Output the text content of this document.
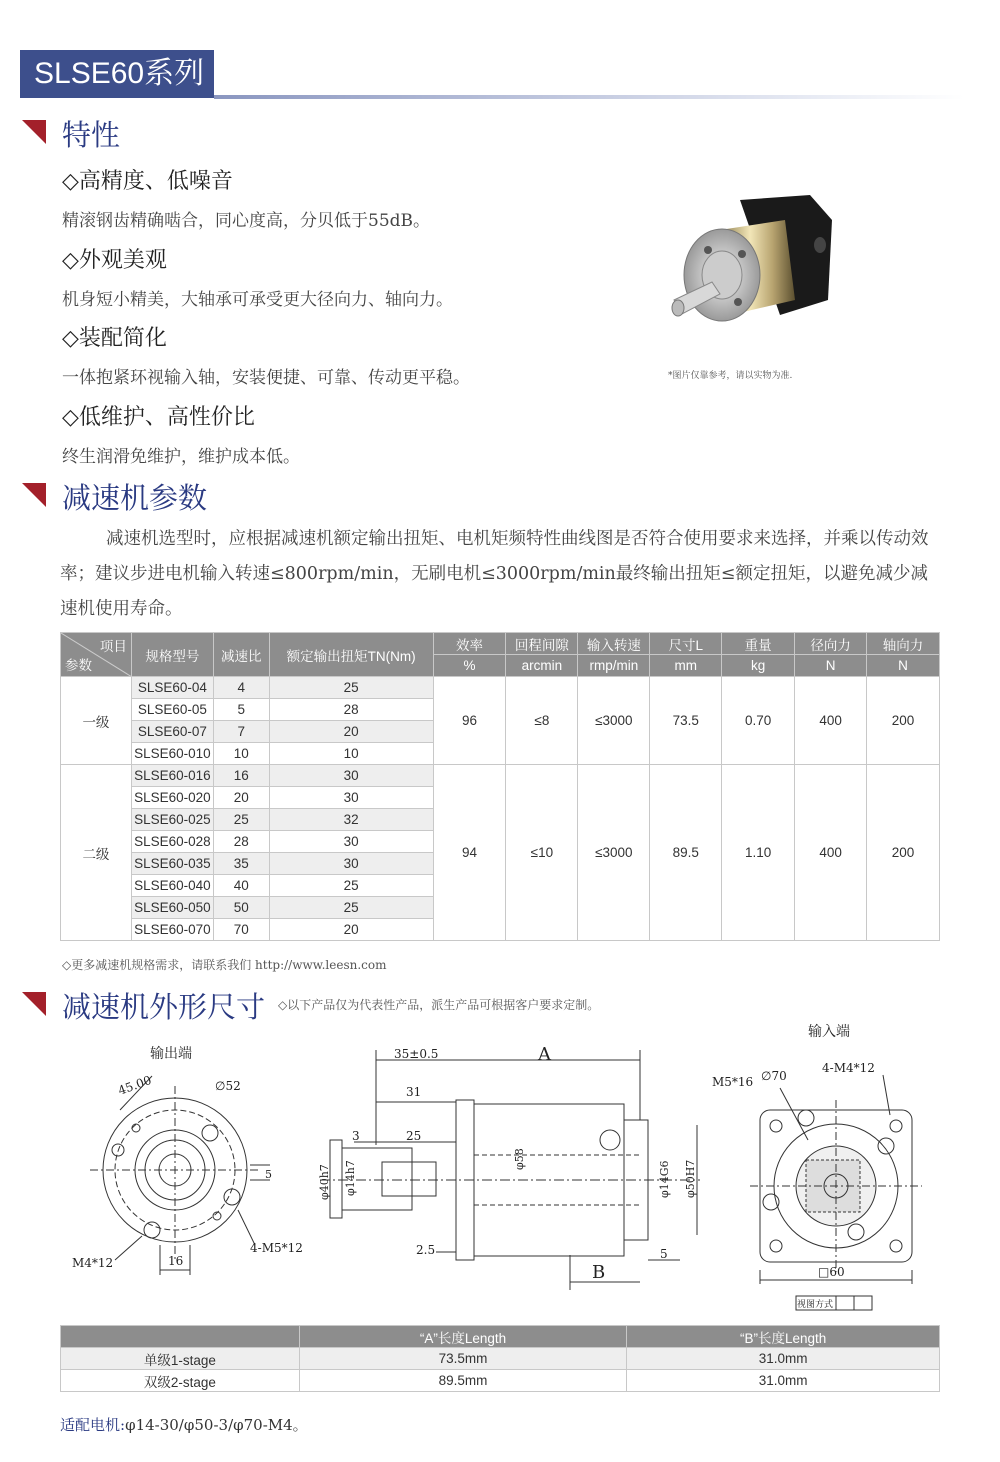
SLSE60系列
特性
◇高精度、低噪音
精滚钢齿精确啮合，同心度高，分贝低于55dB。
◇外观美观
机身短小精美，大轴承可承受更大径向力、轴向力。
◇装配简化
一体抱紧环视输入轴，安装便捷、可靠、传动更平稳。
◇低维护、高性价比
终生润滑免维护，维护成本低。
*图片仅靠参考，请以实物为准.
减速机参数
减速机选型时，应根据减速机额定输出扭矩、电机矩频特性曲线图是否符合使用要求来选择，并乘以传动效率；建议步进电机输入转速≤800rpm/min，无刷电机≤3000rpm/min最终输出扭矩≤额定扭矩，以避免减少减速机使用寿命。
项目
参数	规格型号	减速比	额定输出扭矩TN(Nm)	效率	回程间隙	输入转速	尺寸L	重量	径向力	轴向力
				%	arcmin	rmp/min	mm	kg	N	N
一级	SLSE60-04	4	25	96	≤8	≤3000	73.5	0.70	400	200
	SLSE60-05	5	28							
	SLSE60-07	7	20							
	SLSE60-010	10	10							
二级	SLSE60-016	16	30	94	≤10	≤3000	89.5	1.10	400	200
	SLSE60-020	20	30							
	SLSE60-025	25	32							
	SLSE60-028	28	30							
	SLSE60-035	35	30							
	SLSE60-040	40	25							
	SLSE60-050	50	25							
	SLSE60-070	70	20							
◇更多减速机规格需求，请联系我们 http://www.leesn.com
减速机外形尺寸 ◇以下产品仅为代表性产品，派生产品可根据客户要求定制。
输出端
45.00	∅52
5
16
4-M5*12
M4*12
35±0.5	A
31
3	25
2.5	5
B
φ40h7 φ14h7
φ58
φ14G6 φ50H7
输入端
M5*16 ∅70
4-M4*12
□60
视图方式
	“A”长度Length	“B”长度Length
单级1-stage	73.5mm	31.0mm
双级2-stage	89.5mm	31.0mm
适配电机:φ14-30/φ50-3/φ70-M4。
